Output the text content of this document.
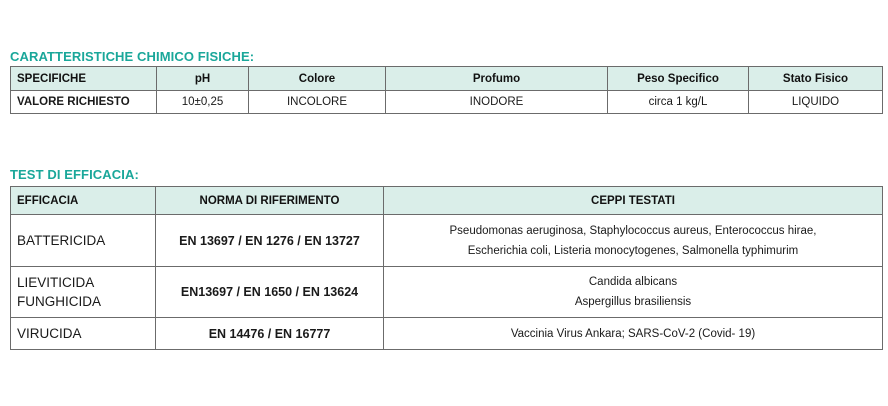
CARATTERISTICHE CHIMICO FISICHE:
SPECIFICHE	pH	Colore	Profumo	Peso Specifico	Stato Fisico
VALORE RICHIESTO	10±0,25	INCOLORE	INODORE	circa 1 kg/L	LIQUIDO
TEST DI EFFICACIA:
EFFICACIA	NORMA DI RIFERIMENTO	CEPPI TESTATI

BATTERICIDA	EN 13697 / EN 1276 / EN 13727	Pseudomonas aeruginosa, Staphylococcus aureus, Enterococcus hirae,
Escherichia coli, Listeria monocytogenes, Salmonella typhimurim

LIEVITICIDA
FUNGHICIDA	EN13697 / EN 1650 / EN 13624	Candida albicans
Aspergillus brasiliensis

VIRUCIDA	EN 14476 / EN 16777	Vaccinia Virus Ankara; SARS-CoV-2 (Covid- 19)
